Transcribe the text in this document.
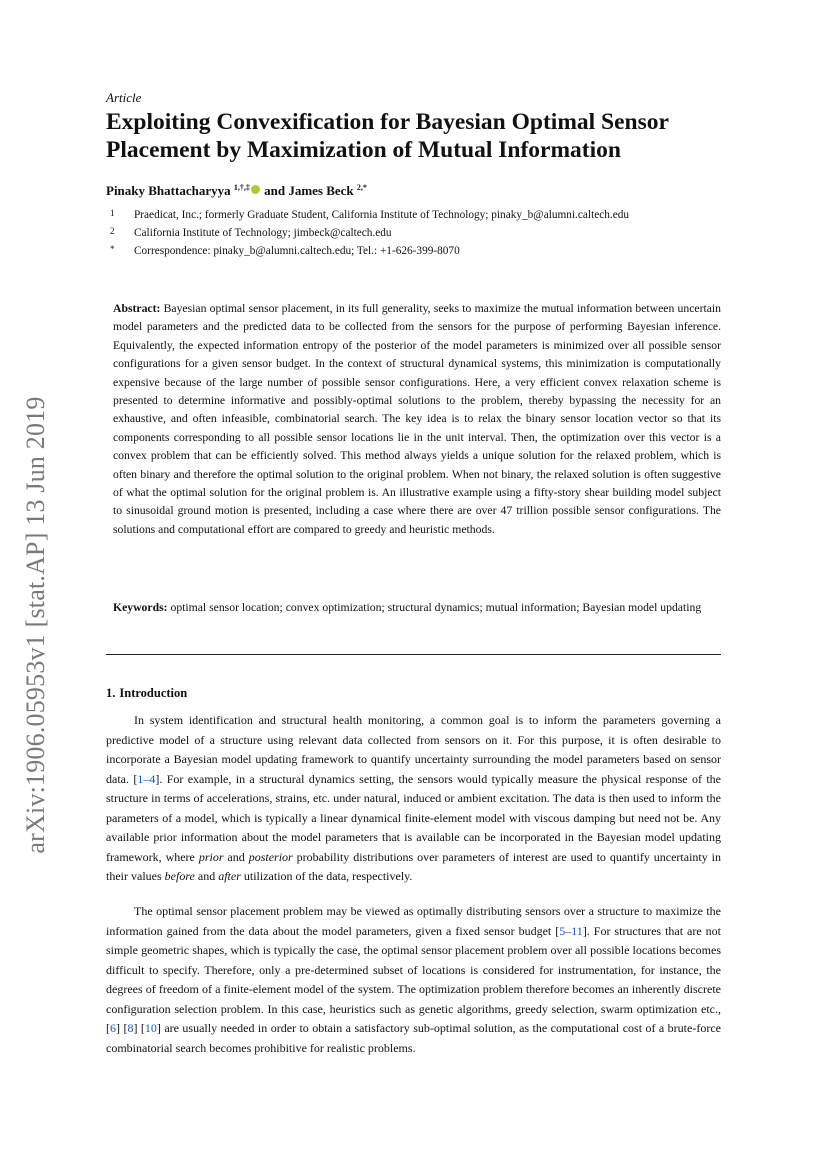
arXiv:1906.05953v1 [stat.AP] 13 Jun 2019
Article
Exploiting Convexification for Bayesian Optimal Sensor Placement by Maximization of Mutual Information
Pinaky Bhattacharyya $^{1,\dagger,\ddagger}$ and James Beck $^{2,*}$
1 Praedicat, Inc.; formerly Graduate Student, California Institute of Technology; pinaky_b@alumni.caltech.edu
2 California Institute of Technology; jimbeck@caltech.edu
* Correspondence: pinaky_b@alumni.caltech.edu; Tel.: +1-626-399-8070

Abstract: Bayesian optimal sensor placement, in its full generality, seeks to maximize the mutual information between uncertain model parameters and the predicted data to be collected from the sensors for the purpose of performing Bayesian inference. Equivalently, the expected information entropy of the posterior of the model parameters is minimized over all possible sensor configurations for a given sensor budget. In the context of structural dynamical systems, this minimization is computationally expensive because of the large number of possible sensor configurations. Here, a very efficient convex relaxation scheme is presented to determine informative and possibly-optimal solutions to the problem, thereby bypassing the necessity for an exhaustive, and often infeasible, combinatorial search. The key idea is to relax the binary sensor location vector so that its components corresponding to all possible sensor locations lie in the unit interval. Then, the optimization over this vector is a convex problem that can be efficiently solved. This method always yields a unique solution for the relaxed problem, which is often binary and therefore the optimal solution to the original problem. When not binary, the relaxed solution is often suggestive of what the optimal solution for the original problem is. An illustrative example using a fifty-story shear building model subject to sinusoidal ground motion is presented, including a case where there are over 47 trillion possible sensor configurations. The solutions and computational effort are compared to greedy and heuristic methods.

Keywords: optimal sensor location; convex optimization; structural dynamics; mutual information; Bayesian model updating

1. Introduction

In system identification and structural health monitoring, a common goal is to inform the parameters governing a predictive model of a structure using relevant data collected from sensors on it. For this purpose, it is often desirable to incorporate a Bayesian model updating framework to quantify uncertainty surrounding the model parameters based on sensor data. [1–4]. For example, in a structural dynamics setting, the sensors would typically measure the physical response of the structure in terms of accelerations, strains, etc. under natural, induced or ambient excitation. The data is then used to inform the parameters of a model, which is typically a linear dynamical finite-element model with viscous damping but need not be. Any available prior information about the model parameters that is available can be incorporated in the Bayesian model updating framework, where prior and posterior probability distributions over parameters of interest are used to quantify uncertainty in their values before and after utilization of the data, respectively.

The optimal sensor placement problem may be viewed as optimally distributing sensors over a structure to maximize the information gained from the data about the model parameters, given a fixed sensor budget [5–11]. For structures that are not simple geometric shapes, which is typically the case, the optimal sensor placement problem over all possible locations becomes difficult to specify. Therefore, only a pre-determined subset of locations is considered for instrumentation, for instance, the degrees of freedom of a finite-element model of the system. The optimization problem therefore becomes an inherently discrete configuration selection problem. In this case, heuristics such as genetic algorithms, greedy selection, swarm optimization etc., [6] [8] [10] are usually needed in order to obtain a satisfactory sub-optimal solution, as the computational cost of a brute-force combinatorial search becomes prohibitive for realistic problems.
